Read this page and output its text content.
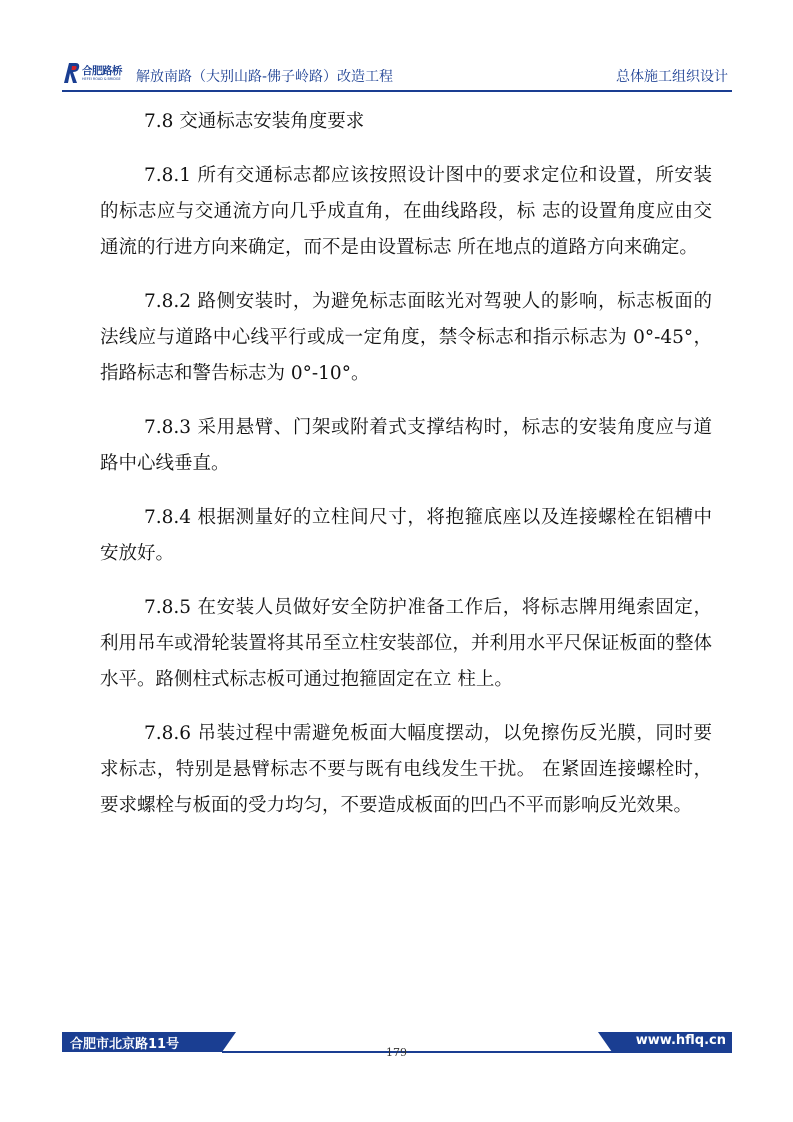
合肥路桥
HEFEI ROAD & BRIDGE 解放南路（大别山路-佛子岭路）改造工程	总体施工组织设计
7.8 交通标志安装角度要求

7.8.1 所有交通标志都应该按照设计图中的要求定位和设置，所安装的标志应与交通流方向几乎成直角，在曲线路段，标 志的设置角度应由交通流的行进方向来确定，而不是由设置标志 所在地点的道路方向来确定。

7.8.2 路侧安装时，为避免标志面眩光对驾驶人的影响，标志板面的 法线应与道路中心线平行或成一定角度，禁令标志和指示标志为 0°-45°， 指路标志和警告标志为 0°-10°。

7.8.3 采用悬臂、门架或附着式支撑结构时，标志的安装角度应与道路中心线垂直。

7.8.4 根据测量好的立柱间尺寸，将抱箍底座以及连接螺栓在铝槽中安放好。

7.8.5 在安装人员做好安全防护准备工作后，将标志牌用绳索固定， 利用吊车或滑轮装置将其吊至立柱安装部位，并利用水平尺保证板面的整体水平。路侧柱式标志板可通过抱箍固定在立 柱上。

7.8.6 吊装过程中需避免板面大幅度摆动，以免擦伤反光膜，同时要求标志，特别是悬臂标志不要与既有电线发生干扰。 在紧固连接螺栓时， 要求螺栓与板面的受力均匀，不要造成板面的凹凸不平而影响反光效果。

合肥市北京路11号	www.hflq.cn
179
